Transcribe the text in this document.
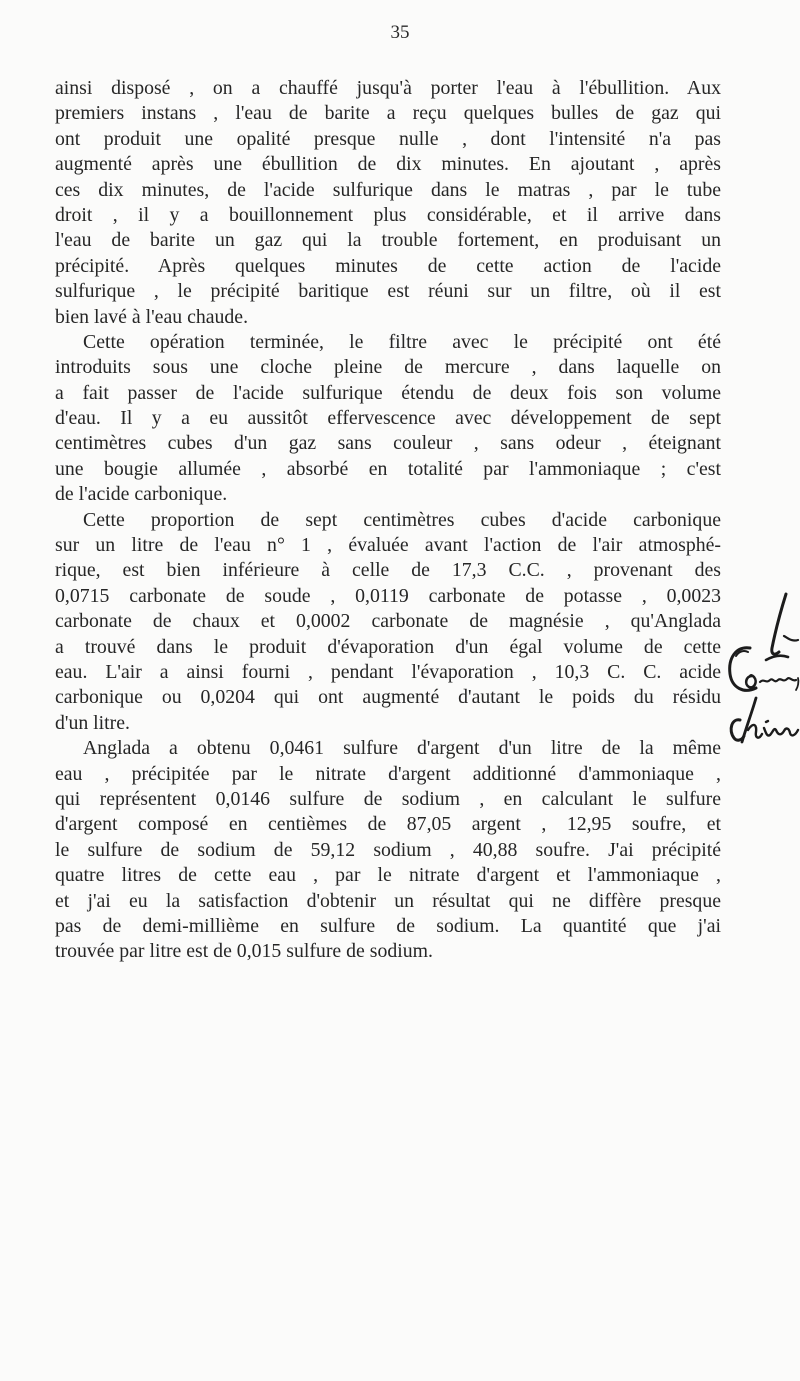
35

ainsi disposé , on a chauffé jusqu'à porter l'eau à l'ébullition. Aux
premiers instans , l'eau de barite a reçu quelques bulles de gaz qui
ont produit une opalité presque nulle , dont l'intensité n'a pas
augmenté après une ébullition de dix minutes. En ajoutant , après
ces dix minutes, de l'acide sulfurique dans le matras , par le tube
droit , il y a bouillonnement plus considérable, et il arrive dans
l'eau de barite un gaz qui la trouble fortement, en produisant un
précipité. Après quelques minutes de cette action de l'acide
sulfurique , le précipité baritique est réuni sur un filtre, où il est
bien lavé à l'eau chaude.
Cette opération terminée, le filtre avec le précipité ont été
introduits sous une cloche pleine de mercure , dans laquelle on
a fait passer de l'acide sulfurique étendu de deux fois son volume
d'eau. Il y a eu aussitôt effervescence avec développement de sept
centimètres cubes d'un gaz sans couleur , sans odeur , éteignant
une bougie allumée , absorbé en totalité par l'ammoniaque ; c'est
de l'acide carbonique.
Cette proportion de sept centimètres cubes d'acide carbonique
sur un litre de l'eau n° 1 , évaluée avant l'action de l'air atmosphé-
rique, est bien inférieure à celle de 17,3 C.C. , provenant des
0,0715 carbonate de soude , 0,0119 carbonate de potasse , 0,0023
carbonate de chaux et 0,0002 carbonate de magnésie , qu'Anglada
a trouvé dans le produit d'évaporation d'un égal volume de cette
eau. L'air a ainsi fourni , pendant l'évaporation , 10,3 C. C. acide
carbonique ou 0,0204 qui ont augmenté d'autant le poids du résidu
d'un litre.
Anglada a obtenu 0,0461 sulfure d'argent d'un litre de la même
eau , précipitée par le nitrate d'argent additionné d'ammoniaque ,
qui représentent 0,0146 sulfure de sodium , en calculant le sulfure
d'argent composé en centièmes de 87,05 argent , 12,95 soufre, et
le sulfure de sodium de 59,12 sodium , 40,88 soufre. J'ai précipité
quatre litres de cette eau , par le nitrate d'argent et l'ammoniaque ,
et j'ai eu la satisfaction d'obtenir un résultat qui ne diffère presque
pas de demi-millième en sulfure de sodium. La quantité que j'ai
trouvée par litre est de 0,015 sulfure de sodium.
